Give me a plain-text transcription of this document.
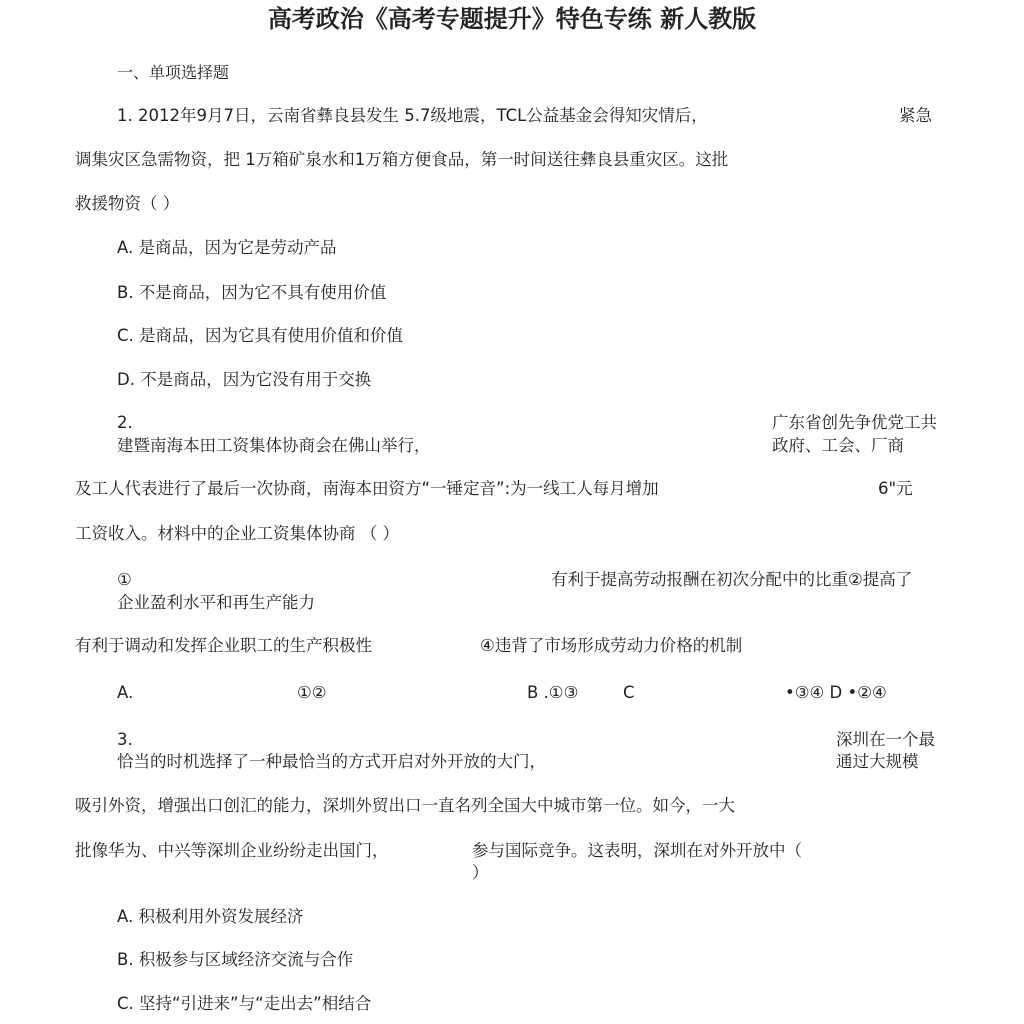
高考政治《高考专题提升》特色专练 新人教版
一、单项选择题
1. 2012年9月7日，云南省彝良县发生 5.7级地震，TCL公益基金会得知灾情后，	紧急
调集灾区急需物资，把 1万箱矿泉水和1万箱方便食品，第一时间送往彝良县重灾区。这批
救援物资（ ）
A. 是商品，因为它是劳动产品
B. 不是商品，因为它不具有使用价值
C. 是商品，因为它具有使用价值和价值
D. 不是商品，因为它没有用于交换
2.	广东省创先争优党工共
建暨南海本田工资集体协商会在佛山举行，	政府、工会、厂商
及工人代表进行了最后一次协商，南海本田资方“一锤定音”:为一线工人每月增加	6"元
工资收入。材料中的企业工资集体协商 （ ）
①	有利于提高劳动报酬在初次分配中的比重②提高了
企业盈利水平和再生产能力
有利于调动和发挥企业职工的生产积极性	④违背了市场形成劳动力价格的机制
A.	①②	B .①③	C	•③④ D •②④
3.	深圳在一个最
恰当的时机选择了一种最恰当的方式开启对外开放的大门，	通过大规模
吸引外资，增强出口创汇的能力，深圳外贸出口一直名列全国大中城市第一位。如今，一大
批像华为、中兴等深圳企业纷纷走出国门，	参与国际竞争。这表明，深圳在对外开放中（
）
A. 积极利用外资发展经济
B. 积极参与区域经济交流与合作
C. 坚持“引进来”与“走出去”相结合
